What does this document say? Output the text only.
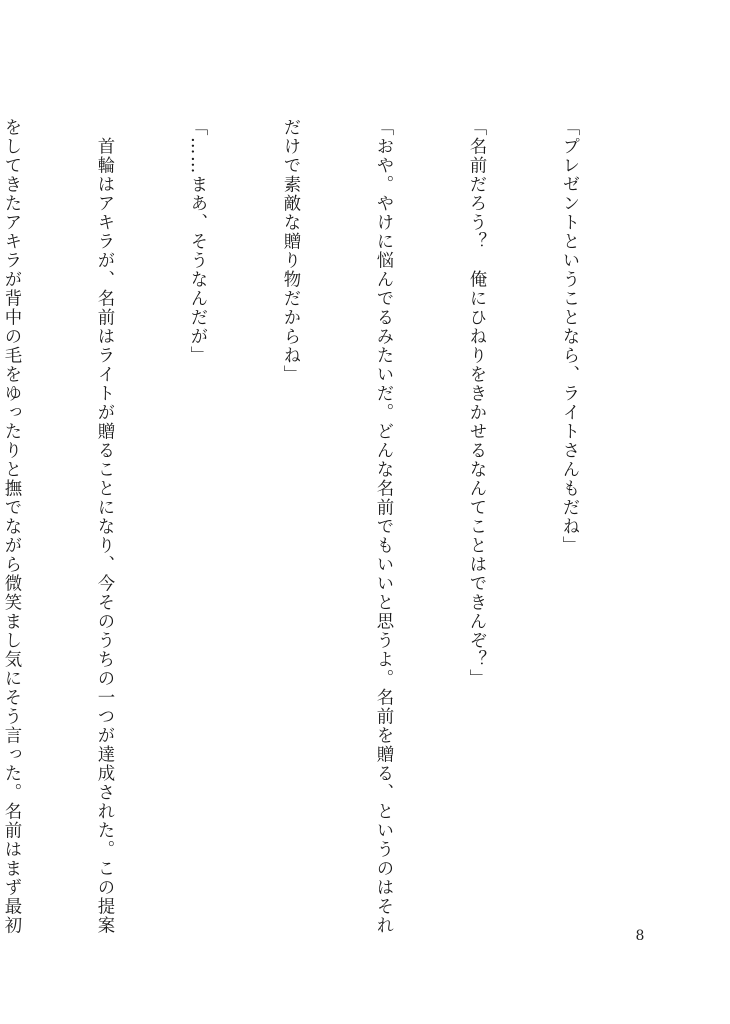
「プレゼントということなら、ライトさんもだね」

「名前だろう？　俺にひねりをきかせるなんてことはできんぞ？」

「おや。やけに悩んでるみたいだ。どんな名前でもいいと思うよ。名前を贈る、というのはそれ

だけで素敵な贈り物だからね」

「……まあ、そうなんだが」

　首輪はアキラが、名前はライトが贈ることになり、今そのうちの一つが達成された。この提案

をしてきたアキラが背中の毛をゆったりと撫でながら微笑まし気にそう言った。名前はまず最初

8
